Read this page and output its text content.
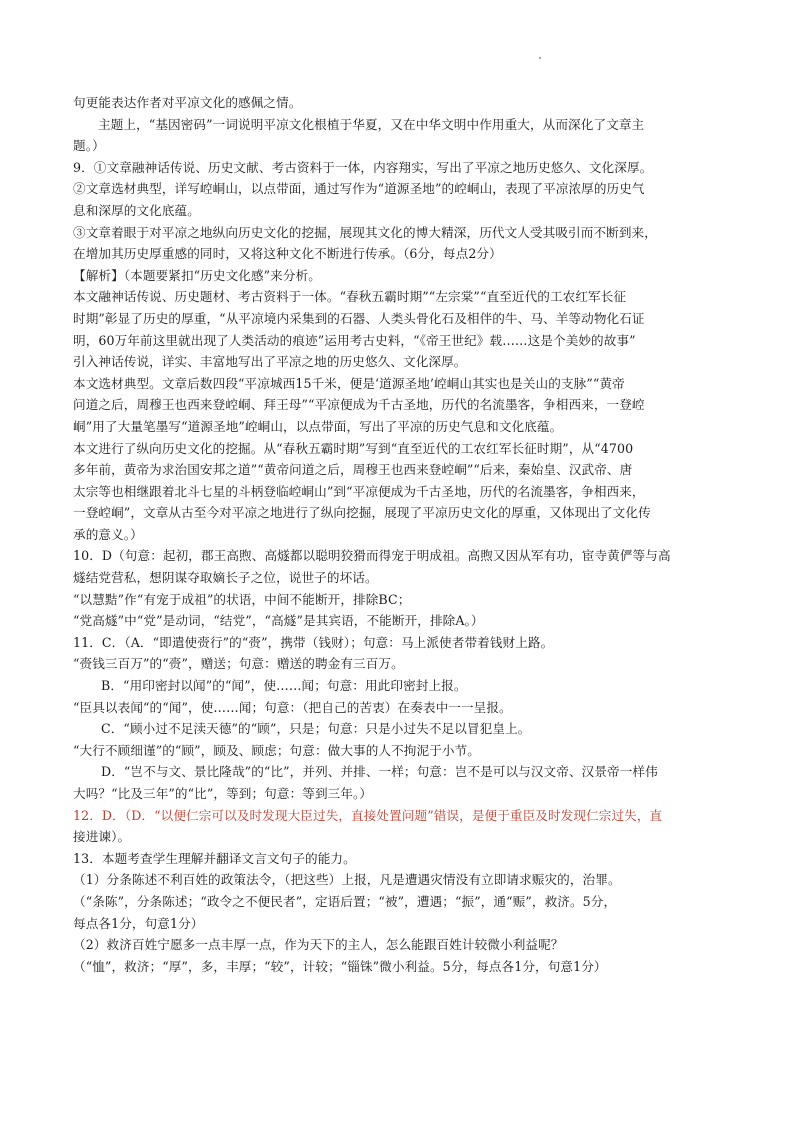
句更能表达作者对平凉文化的感佩之情。
主题上，“基因密码”一词说明平凉文化根植于华夏，又在中华文明中作用重大，从而深化了文章主
题。）
9．①文章融神话传说、历史文献、考古资料于一体，内容翔实，写出了平凉之地历史悠久、文化深厚。
②文章选材典型，详写崆峒山，以点带面，通过写作为“道源圣地”的崆峒山，表现了平凉浓厚的历史气
息和深厚的文化底蕴。
③文章着眼于对平凉之地纵向历史文化的挖掘，展现其文化的博大精深，历代文人受其吸引而不断到来，
在增加其历史厚重感的同时，又将这种文化不断进行传承。（6分，每点2分）
【解析】（本题要紧扣“历史文化感”来分析。
本文融神话传说、历史题材、考古资料于一体。“春秋五霸时期”“左宗棠”“直至近代的工农红军长征
时期”彰显了历史的厚重，“从平凉境内采集到的石器、人类头骨化石及相伴的牛、马、羊等动物化石证
明，60万年前这里就出现了人类活动的痕迹”运用考古史料，“《帝王世纪》载……这是个美妙的故事”
引入神话传说，详实、丰富地写出了平凉之地的历史悠久、文化深厚。
本文选材典型。文章后数四段“平凉城西15千米，便是‘道源圣地’崆峒山其实也是关山的支脉”“黄帝
问道之后，周穆王也西来登崆峒、拜王母”“平凉便成为千古圣地，历代的名流墨客，争相西来，一登崆
峒”用了大量笔墨写“道源圣地”崆峒山，以点带面，写出了平凉的历史气息和文化底蕴。
本文进行了纵向历史文化的挖掘。从“春秋五霸时期”写到“直至近代的工农红军长征时期”，从“4700
多年前，黄帝为求治国安邦之道”“黄帝问道之后，周穆王也西来登崆峒”“后来，秦始皇、汉武帝、唐
太宗等也相继跟着北斗七星的斗柄登临崆峒山”到“平凉便成为千古圣地，历代的名流墨客，争相西来，
一登崆峒”，文章从古至今对平凉之地进行了纵向挖掘，展现了平凉历史文化的厚重，又体现出了文化传
承的意义。）
10．D（句意：起初，郡王高煦、高燧都以聪明狡猾而得宠于明成祖。高煦又因从军有功，宦寺黄俨等与高
燧结党营私，想阴谋夺取嫡长子之位，说世子的坏话。
“以慧黠”作“有宠于成祖”的状语，中间不能断开，排除BC；
“党高燧”中“党”是动词，“结党”，“高燧”是其宾语，不能断开，排除A。）
11．C．（A．“即遣使赍行”的“赍”，携带（钱财）；句意：马上派使者带着钱财上路。
“赍钱三百万”的“赍”，赠送；句意：赠送的聘金有三百万。
B．“用印密封以闻”的“闻”，使……闻；句意：用此印密封上报。
“臣具以表闻“的“闻”，使……闻；句意：（把自己的苦衷）在奏表中一一呈报。
C．“顾小过不足渎天德”的“顾”，只是；句意：只是小过失不足以冒犯皇上。
“大行不顾细谨”的“顾”，顾及、顾虑；句意：做大事的人不拘泥于小节。
D．“岂不与文、景比隆哉”的“比”，并列、并排、一样；句意：岂不是可以与汉文帝、汉景帝一样伟
大吗？“比及三年”的“比”，等到；句意：等到三年。）
12．D．（D．“以便仁宗可以及时发现大臣过失，直接处置问题”错误，是便于重臣及时发现仁宗过失，直
接进谏）。
13．本题考查学生理解并翻译文言文句子的能力。
（1）分条陈述不利百姓的政策法令，（把这些）上报，凡是遭遇灾情没有立即请求赈灾的，治罪。
（“条陈”，分条陈述；“政令之不便民者”，定语后置；“被”，遭遇；“振”，通“赈”，救济。5分，
每点各1分，句意1分）
（2）救济百姓宁愿多一点丰厚一点，作为天下的主人，怎么能跟百姓计较微小利益呢？
（“恤”，救济；“厚”，多，丰厚；“较”，计较；“锱铢”微小利益。5分，每点各1分，句意1分）
